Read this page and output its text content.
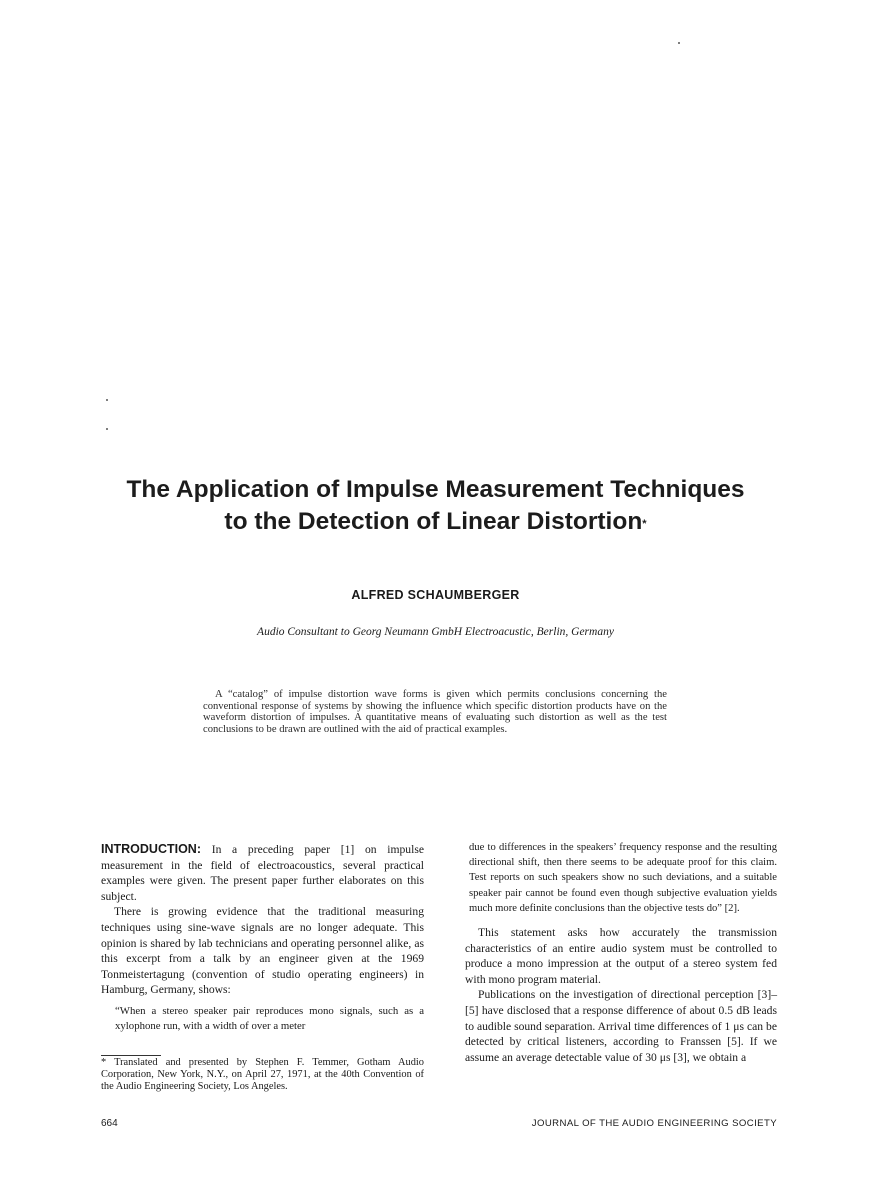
The Application of Impulse Measurement Techniques
to the Detection of Linear Distortion*
ALFRED SCHAUMBERGER
Audio Consultant to Georg Neumann GmbH Electroacustic, Berlin, Germany

A “catalog” of impulse distortion wave forms is given which permits conclusions concerning the conventional response of systems by showing the influence which specific distortion products have on the waveform distortion of impulses. A quantitative means of evaluating such distortion as well as the test conclusions to be drawn are outlined with the aid of practical examples.

INTRODUCTION: In a preceding paper [1] on impulse measurement in the field of electroacoustics, several practical examples were given. The present paper further elaborates on this subject.

There is growing evidence that the traditional measuring techniques using sine-wave signals are no longer adequate. This opinion is shared by lab technicians and operating personnel alike, as this excerpt from a talk by an engineer given at the 1969 Tonmeistertagung (convention of studio operating engineers) in Hamburg, Germany, shows:

“When a stereo speaker pair reproduces mono signals, such as a xylophone run, with a width of over a meter

* Translated and presented by Stephen F. Temmer, Gotham Audio Corporation, New York, N.Y., on April 27, 1971, at the 40th Convention of the Audio Engineering Society, Los Angeles.

due to differences in the speakers’ frequency response and the resulting directional shift, then there seems to be adequate proof for this claim. Test reports on such speakers show no such deviations, and a suitable speaker pair cannot be found even though subjective evaluation yields much more definite conclusions than the objective tests do” [2].

This statement asks how accurately the transmission characteristics of an entire audio system must be controlled to produce a mono impression at the output of a stereo system fed with mono program material.

Publications on the investigation of directional perception [3]–[5] have disclosed that a response difference of about 0.5 dB leads to audible sound separation. Arrival time differences of 1 μs can be detected by critical listeners, according to Franssen [5]. If we assume an average detectable value of 30 μs [3], we obtain a

664	JOURNAL OF THE AUDIO ENGINEERING SOCIETY
